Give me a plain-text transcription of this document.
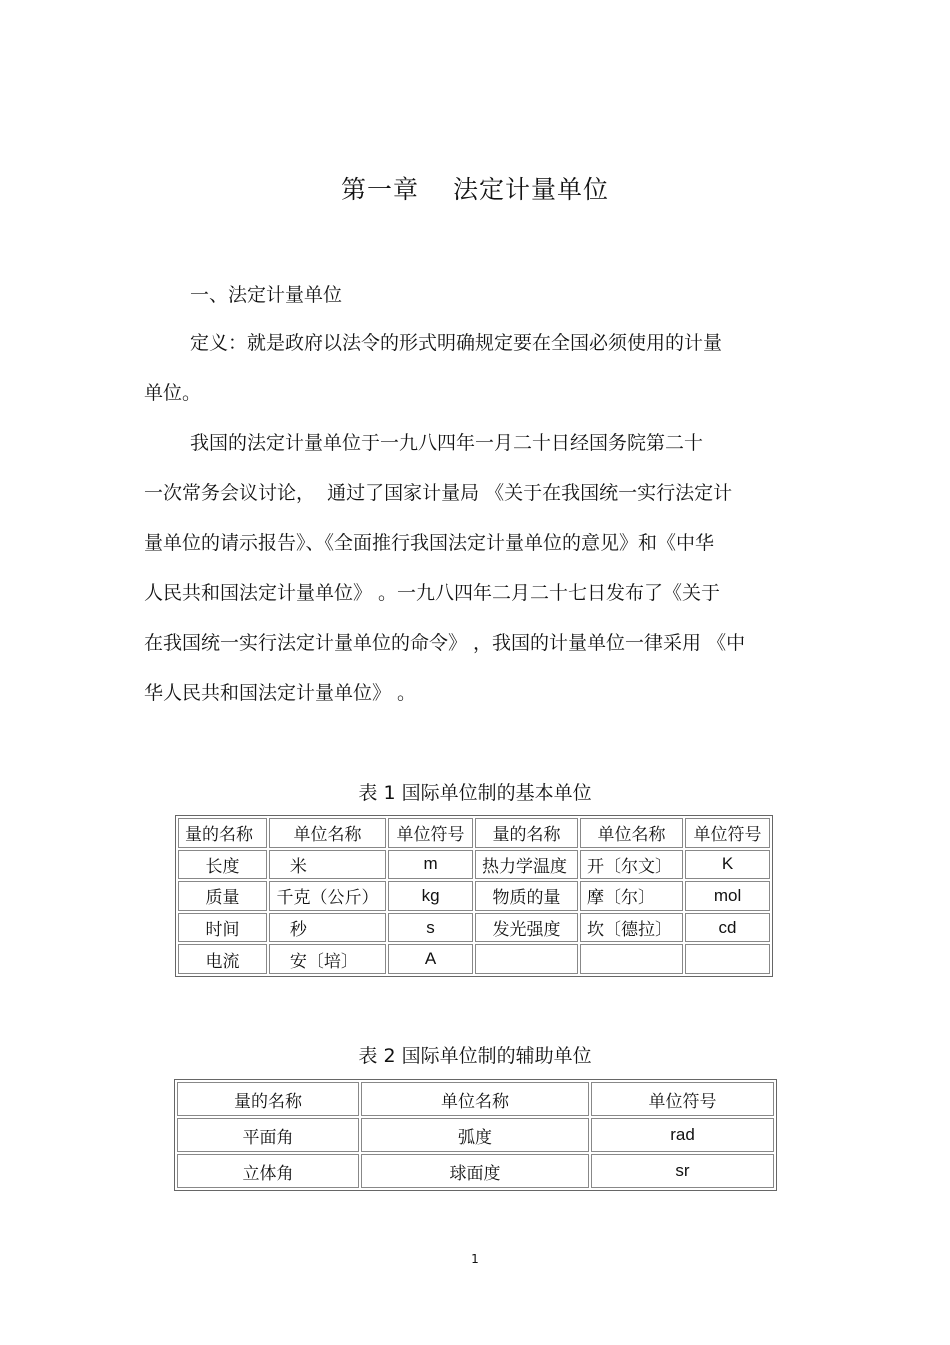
第一章 法定计量单位
一、法定计量单位
定义：就是政府以法令的形式明确规定要在全国必须使用的计量
单位。
我国的法定计量单位于一九八四年一月二十日经国务院第二十
一次常务会议讨论，  通过了国家计量局 《关于在我国统一实行法定计
量单位的请示报告》、《全面推行我国法定计量单位的意见》和《中华
人民共和国法定计量单位》 。一九八四年二月二十七日发布了《关于
在我国统一实行法定计量单位的命令》 ，我国的计量单位一律采用 《中
华人民共和国法定计量单位》 。
表 1 国际单位制的基本单位
量的名称	单位名称	单位符号	量的名称	单位名称	单位符号
长度	米	m	热力学温度	开〔尔文〕	K
质量	千克（公斤）	kg	物质的量	摩〔尔〕	mol
时间	秒	s	发光强度	坎〔德拉〕	cd
电流	安〔培〕	A			
表 2 国际单位制的辅助单位
量的名称	单位名称	单位符号
平面角	弧度	rad
立体角	球面度	sr
1
